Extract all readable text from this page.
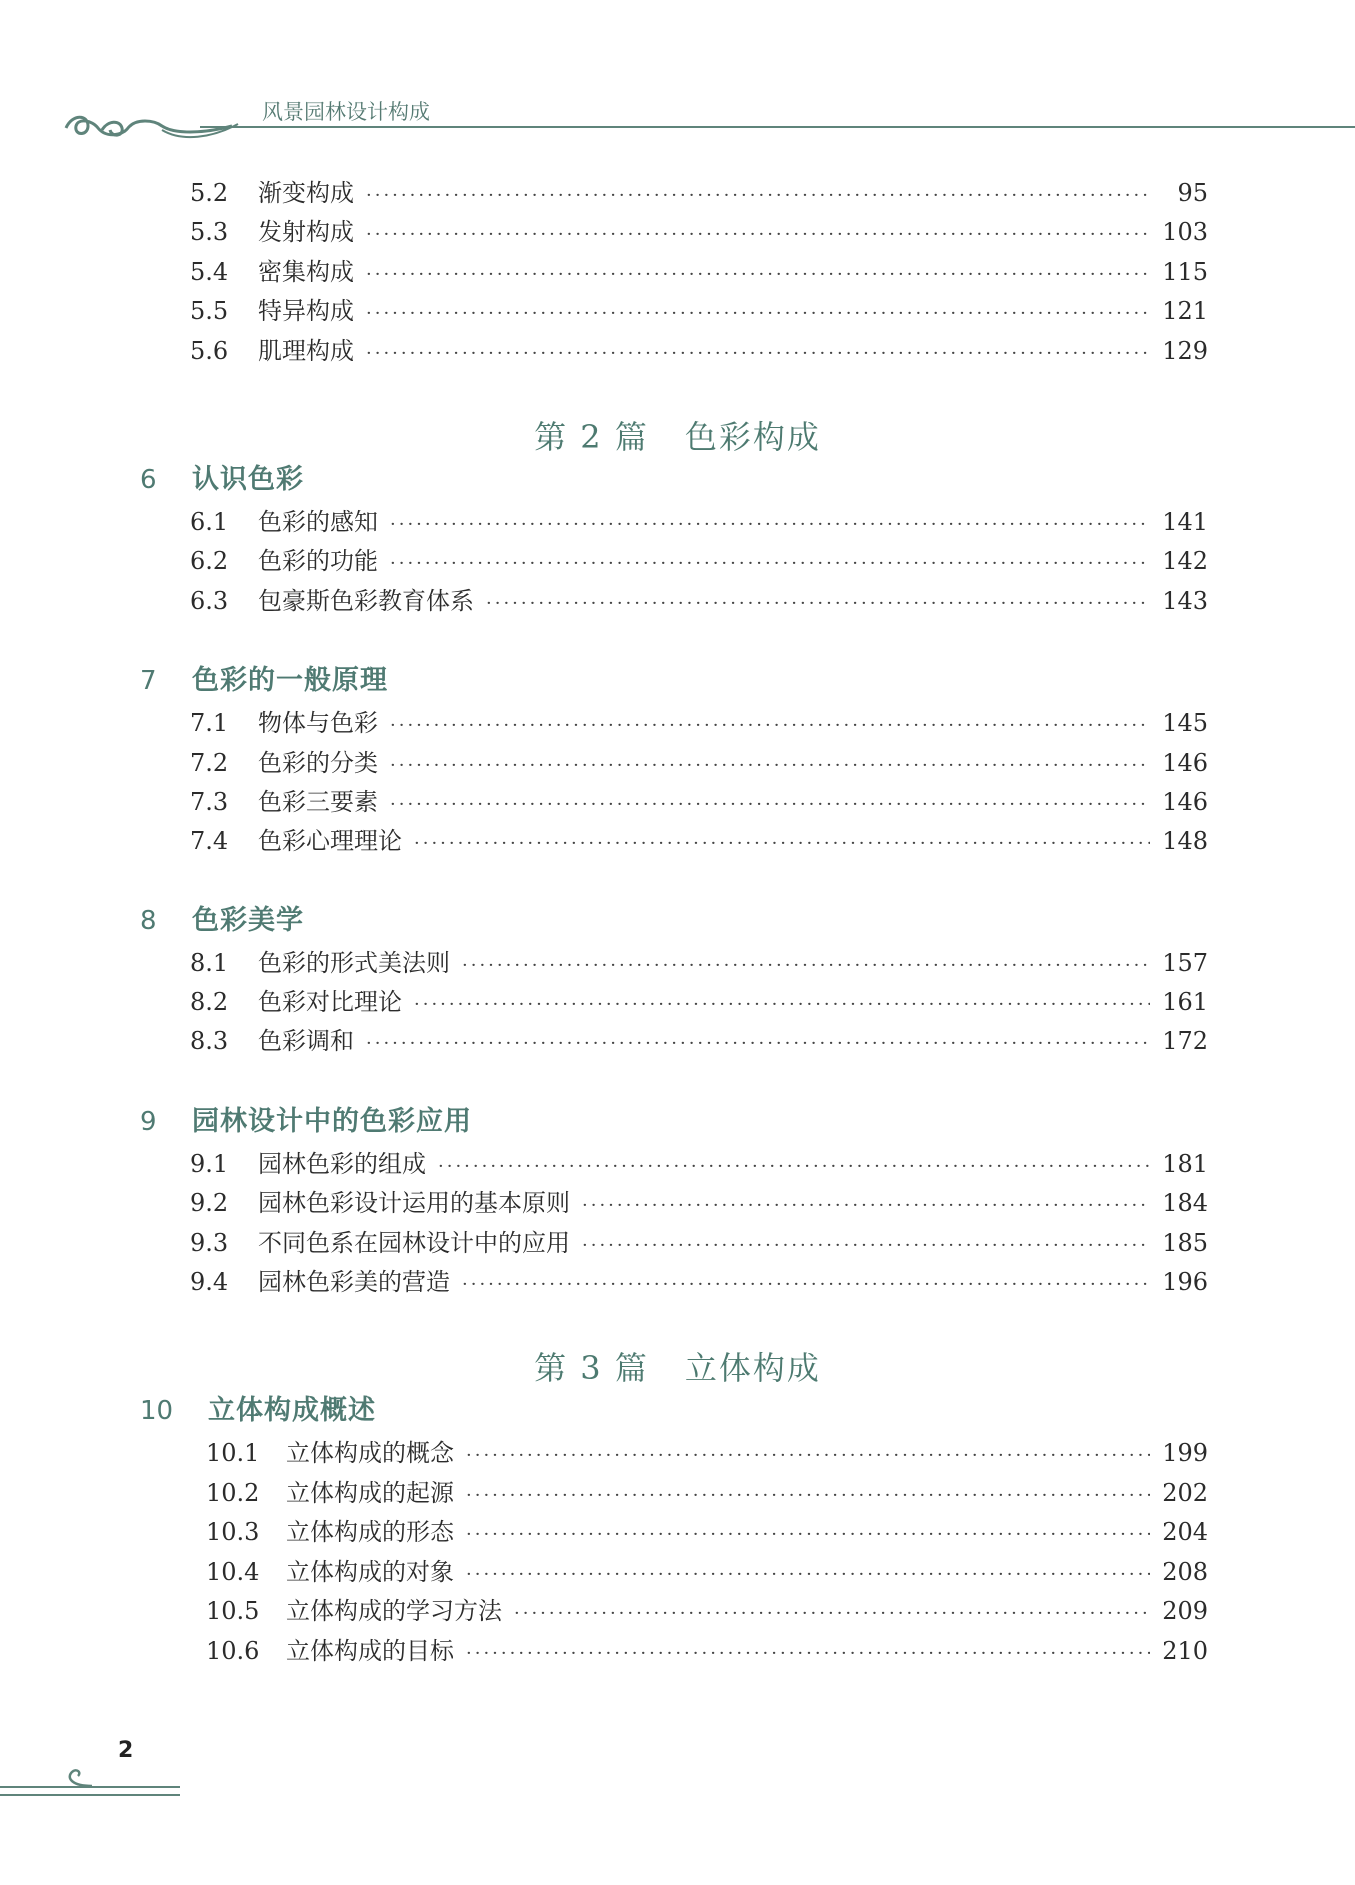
风景园林设计构成
5.2	渐变构成 ·····	95
5.3	发射构成 ·····	103
5.4	密集构成 ·····	115
5.5	特异构成 ·····	121
5.6	肌理构成 ·····	129
第 2 篇 色彩构成
6	认识色彩
6.1	色彩的感知 ·····	141
6.2	色彩的功能 ·····	142
6.3	包豪斯色彩教育体系 ·····	143
7	色彩的一般原理
7.1	物体与色彩 ·····	145
7.2	色彩的分类 ·····	146
7.3	色彩三要素 ·····	146
7.4	色彩心理理论 ·····	148
8	色彩美学
8.1	色彩的形式美法则 ·····	157
8.2	色彩对比理论 ·····	161
8.3	色彩调和 ·····	172
9	园林设计中的色彩应用
9.1	园林色彩的组成 ·····	181
9.2	园林色彩设计运用的基本原则 ·····	184
9.3	不同色系在园林设计中的应用 ·····	185
9.4	园林色彩美的营造 ·····	196
第 3 篇 立体构成
10	立体构成概述
10.1	立体构成的概念 ·····	199
10.2	立体构成的起源 ·····	202
10.3	立体构成的形态 ·····	204
10.4	立体构成的对象 ·····	208
10.5	立体构成的学习方法 ·····	209
10.6	立体构成的目标 ·····	210
2
